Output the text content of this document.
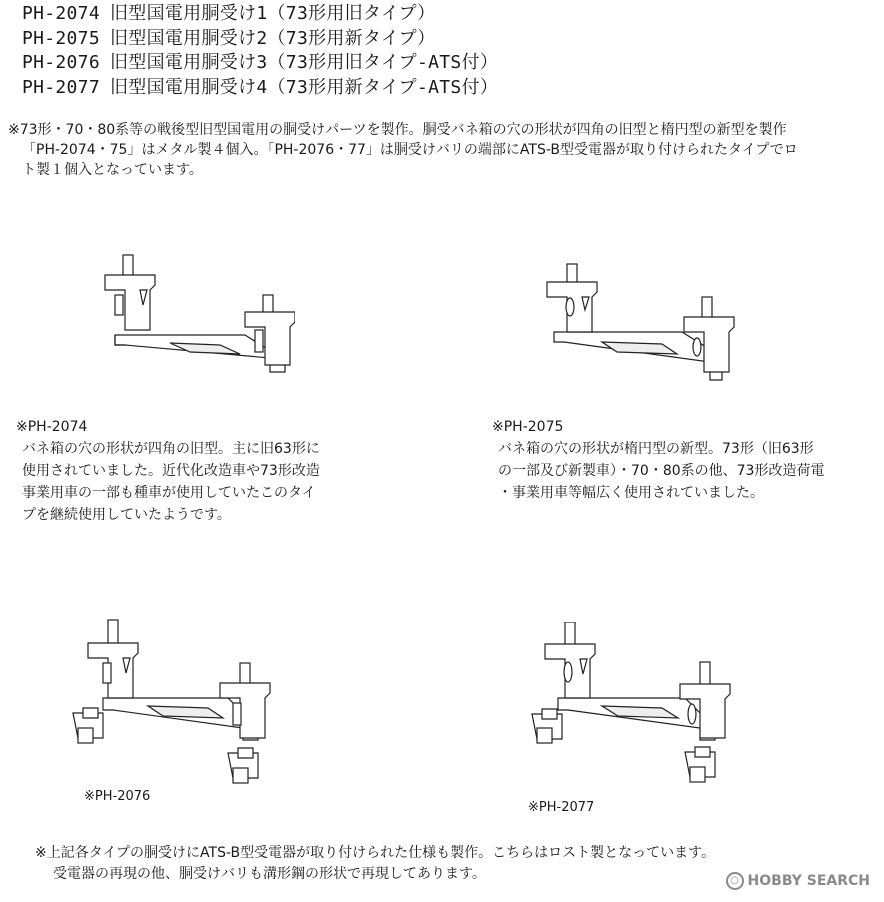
PH-2074 旧型国電用胴受け1（73形用旧タイプ）
PH-2075 旧型国電用胴受け2（73形用新タイプ）
PH-2076 旧型国電用胴受け3（73形用旧タイプ-ATS付）
PH-2077 旧型国電用胴受け4（73形用新タイプ-ATS付）
※73形・70・80系等の戦後型旧型国電用の胴受けパーツを製作。胴受バネ箱の穴の形状が四角の旧型と楕円型の新型を製作
「PH-2074・75」はメタル製４個入。「PH-2076・77」は胴受けバリの端部にATS-B型受電器が取り付けられたタイプでロ
ト製１個入となっています。
※PH-2074
バネ箱の穴の形状が四角の旧型。主に旧63形に
使用されていました。近代化改造車や73形改造
事業用車の一部も種車が使用していたこのタイ
プを継続使用していたようです。
※PH-2075
バネ箱の穴の形状が楕円型の新型。73形（旧63形
の一部及び新製車）・70・80系の他、73形改造荷電
・事業用車等幅広く使用されていました。
※PH-2076
※PH-2077
※上記各タイプの胴受けにATS-B型受電器が取り付けられた仕様も製作。こちらはロスト製となっています。
受電器の再現の他、胴受けバリも溝形鋼の形状で再現してあります。	○ HOBBY SEARCH
